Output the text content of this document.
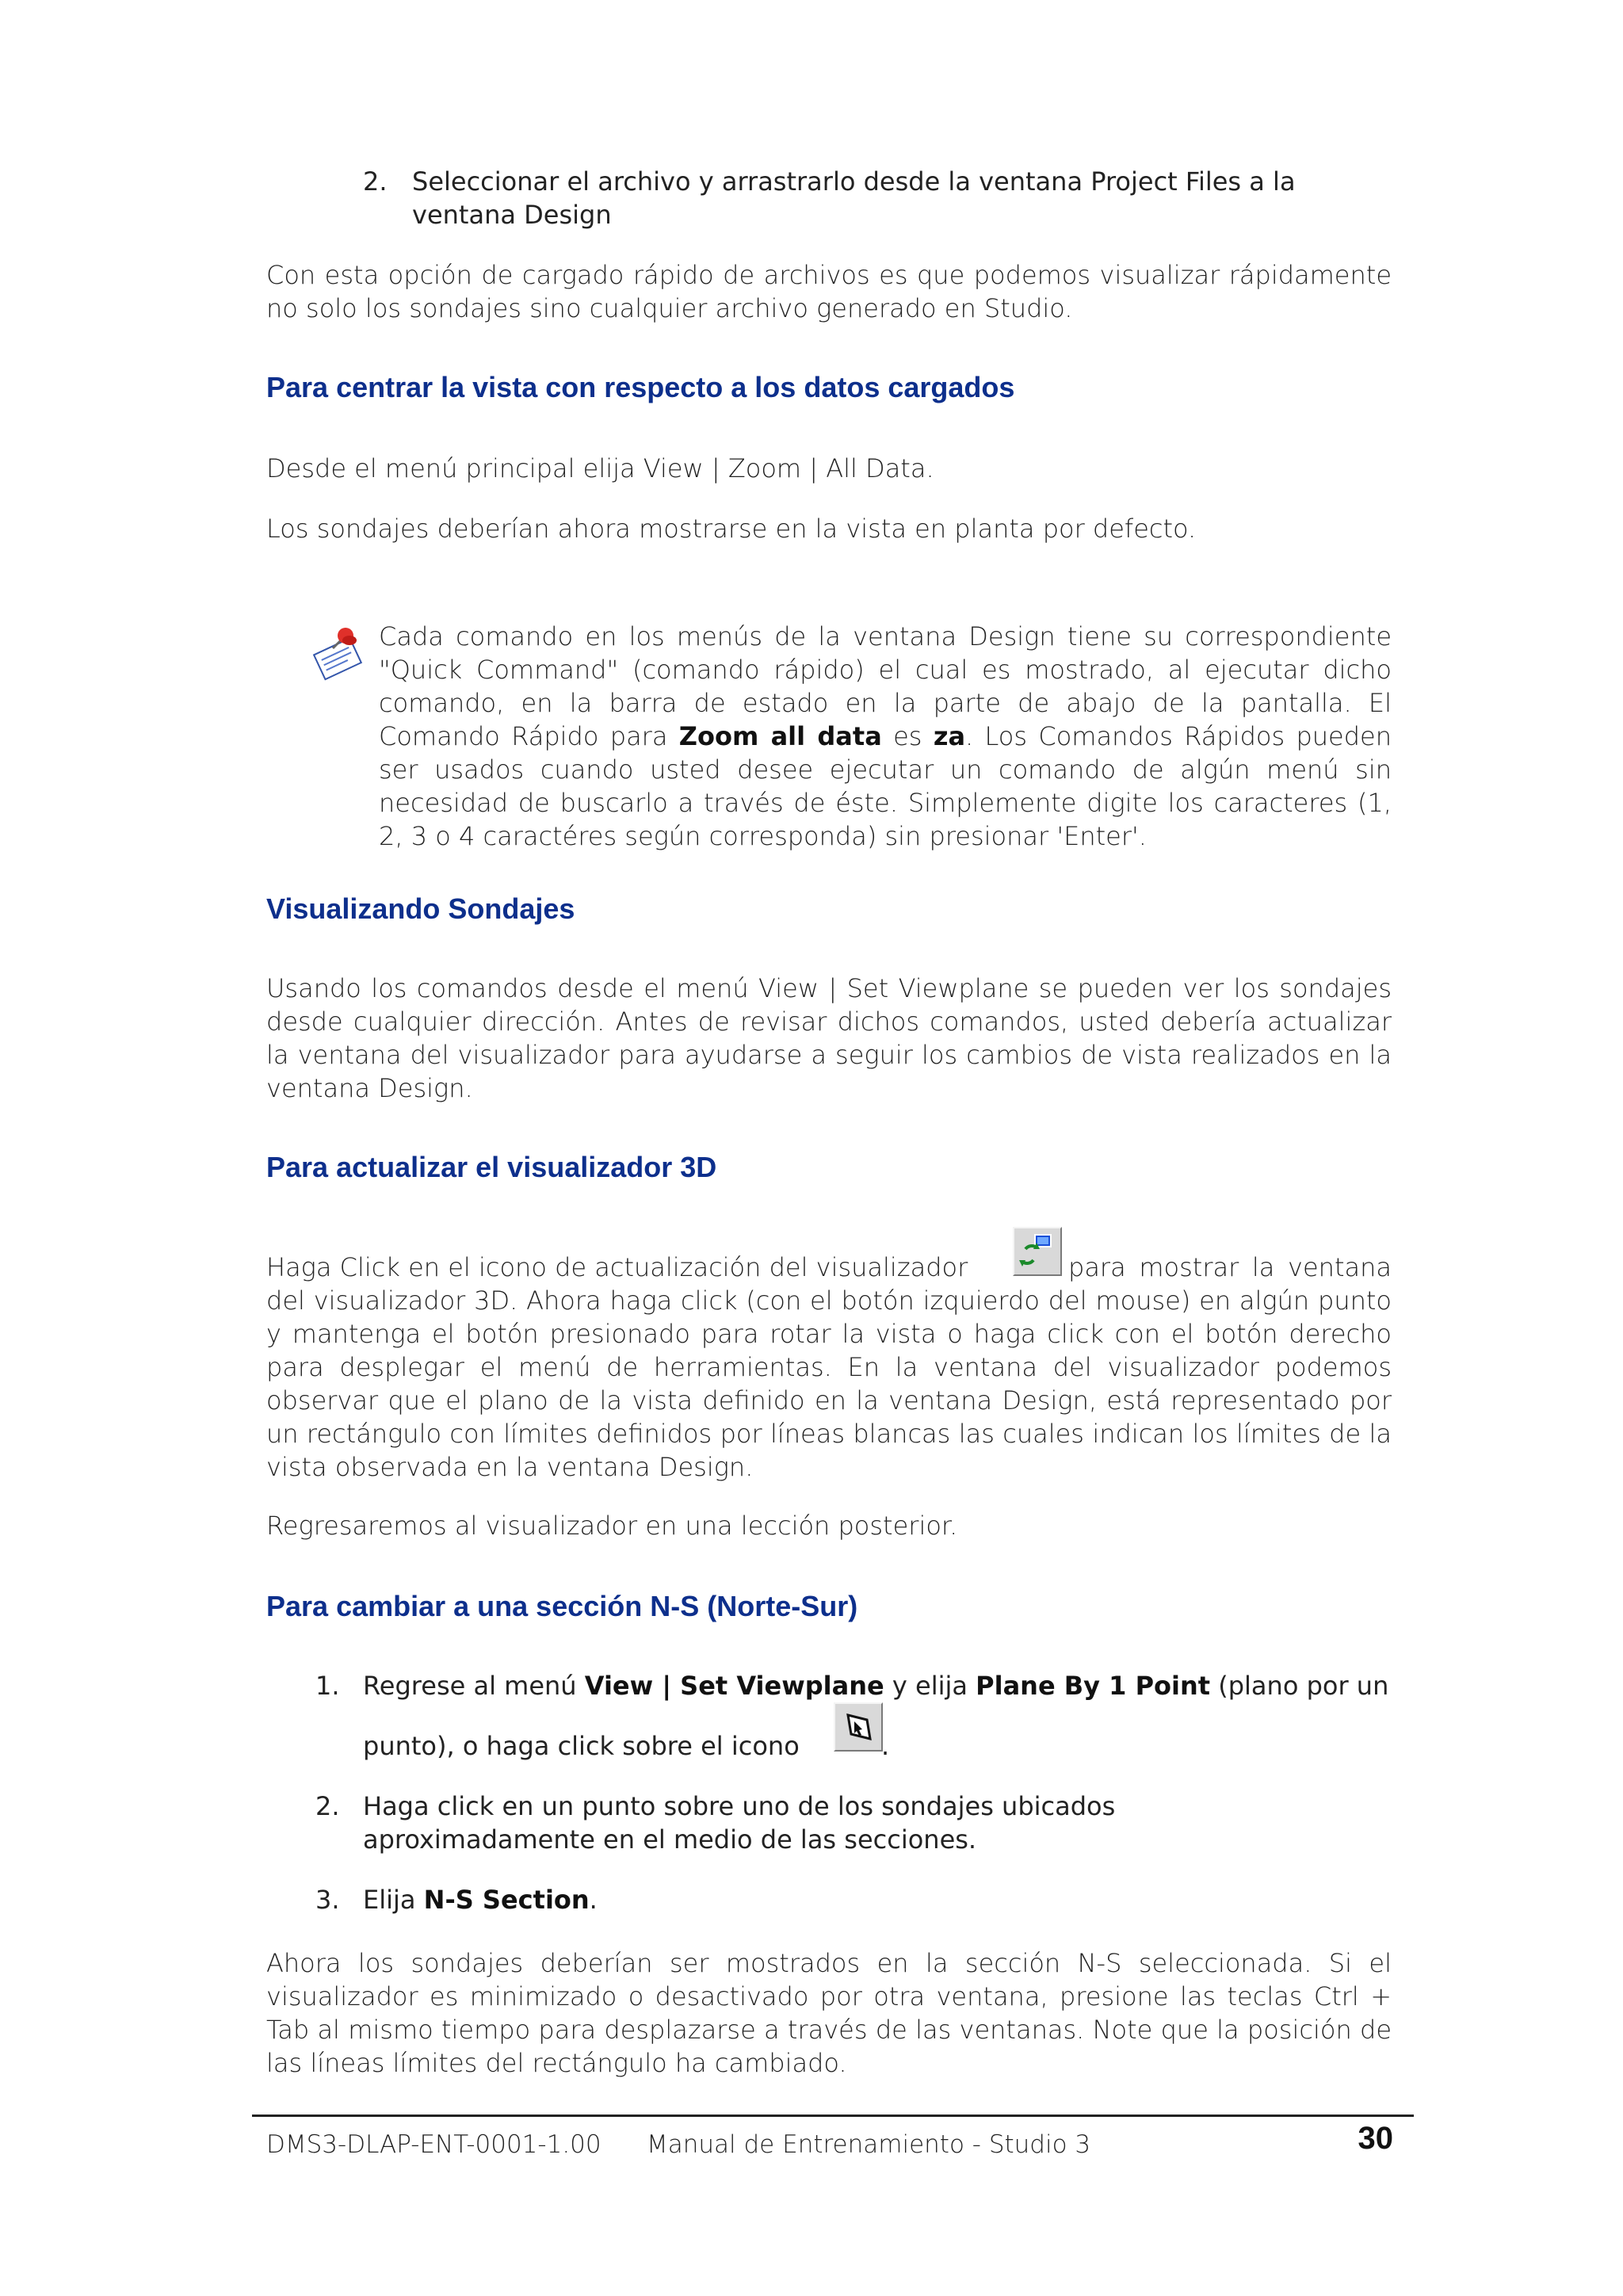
2. Seleccionar el archivo y arrastrarlo desde la ventana Project Files a la ventana Design

Con esta opción de cargado rápido de archivos es que podemos visualizar rápidamente no solo los sondajes sino cualquier archivo generado en Studio.

Para centrar la vista con respecto a los datos cargados

Desde el menú principal elija View | Zoom | All Data.

Los sondajes deberían ahora mostrarse en la vista en planta por defecto.

Cada comando en los menús de la ventana Design tiene su correspondiente "Quick Command" (comando rápido) el cual es mostrado, al ejecutar dicho comando, en la barra de estado en la parte de abajo de la pantalla. El Comando Rápido para Zoom all data es za. Los Comandos Rápidos pueden ser usados cuando usted desee ejecutar un comando de algún menú sin necesidad de buscarlo a través de éste. Simplemente digite los caracteres (1, 2, 3 o 4 caractéres según corresponda) sin presionar 'Enter'.

Visualizando Sondajes

Usando los comandos desde el menú View | Set Viewplane se pueden ver los sondajes desde cualquier dirección. Antes de revisar dichos comandos, usted debería actualizar la ventana del visualizador para ayudarse a seguir los cambios de vista realizados en la ventana Design.

Para actualizar el visualizador 3D

Haga Click en el icono de actualización del visualizador	para mostrar la ventana del visualizador 3D. Ahora haga click (con el botón izquierdo del mouse) en algún punto y mantenga el botón presionado para rotar la vista o haga click con el botón derecho para desplegar el menú de herramientas. En la ventana del visualizador podemos observar que el plano de la vista definido en la ventana Design, está representado por un rectángulo con límites definidos por líneas blancas las cuales indican los límites de la vista observada en la ventana Design.

Regresaremos al visualizador en una lección posterior.

Para cambiar a una sección N-S (Norte-Sur)
1. Regrese al menú View | Set Viewplane y elija Plane By 1 Point (plano por un
punto), o haga click sobre el icono	.
2. Haga click en un punto sobre uno de los sondajes ubicados aproximadamente en el medio de las secciones.
3. Elija N-S Section.

Ahora los sondajes deberían ser mostrados en la sección N-S seleccionada. Si el visualizador es minimizado o desactivado por otra ventana, presione las teclas Ctrl + Tab al mismo tiempo para desplazarse a través de las ventanas. Note que la posición de las líneas límites del rectángulo ha cambiado.

DMS3-DLAP-ENT-0001-1.00 Manual de Entrenamiento - Studio 3	30
